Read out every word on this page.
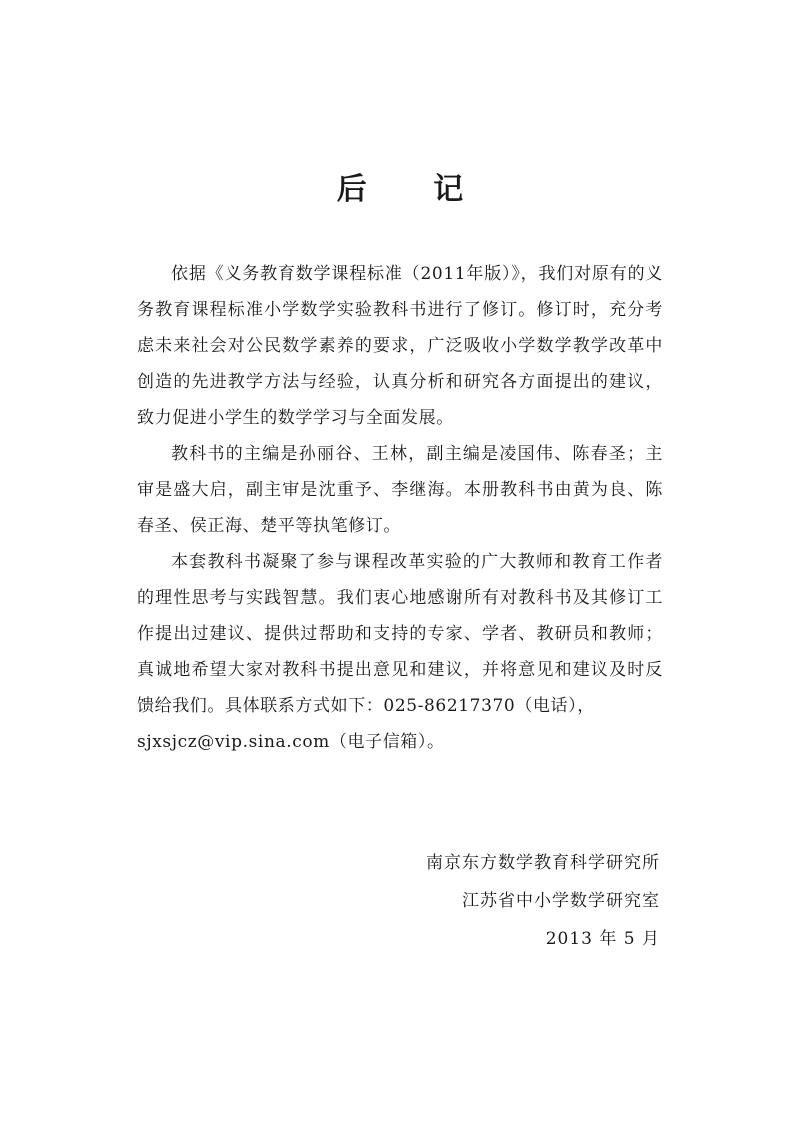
后 记

依据《义务教育数学课程标准（2011年版）》，我们对原有的义务教育课程标准小学数学实验教科书进行了修订。修订时，充分考虑未来社会对公民数学素养的要求，广泛吸收小学数学教学改革中创造的先进教学方法与经验，认真分析和研究各方面提出的建议，致力促进小学生的数学学习与全面发展。

教科书的主编是孙丽谷、王林，副主编是凌国伟、陈春圣；主审是盛大启，副主审是沈重予、李继海。本册教科书由黄为良、陈春圣、侯正海、楚平等执笔修订。

本套教科书凝聚了参与课程改革实验的广大教师和教育工作者的理性思考与实践智慧。我们衷心地感谢所有对教科书及其修订工作提出过建议、提供过帮助和支持的专家、学者、教研员和教师；真诚地希望大家对教科书提出意见和建议，并将意见和建议及时反馈给我们。具体联系方式如下：025-86217370（电话），

sjxsjcz@vip.sina.com（电子信箱）。

南京东方数学教育科学研究所
江苏省中小学数学研究室
2013 年 5 月
